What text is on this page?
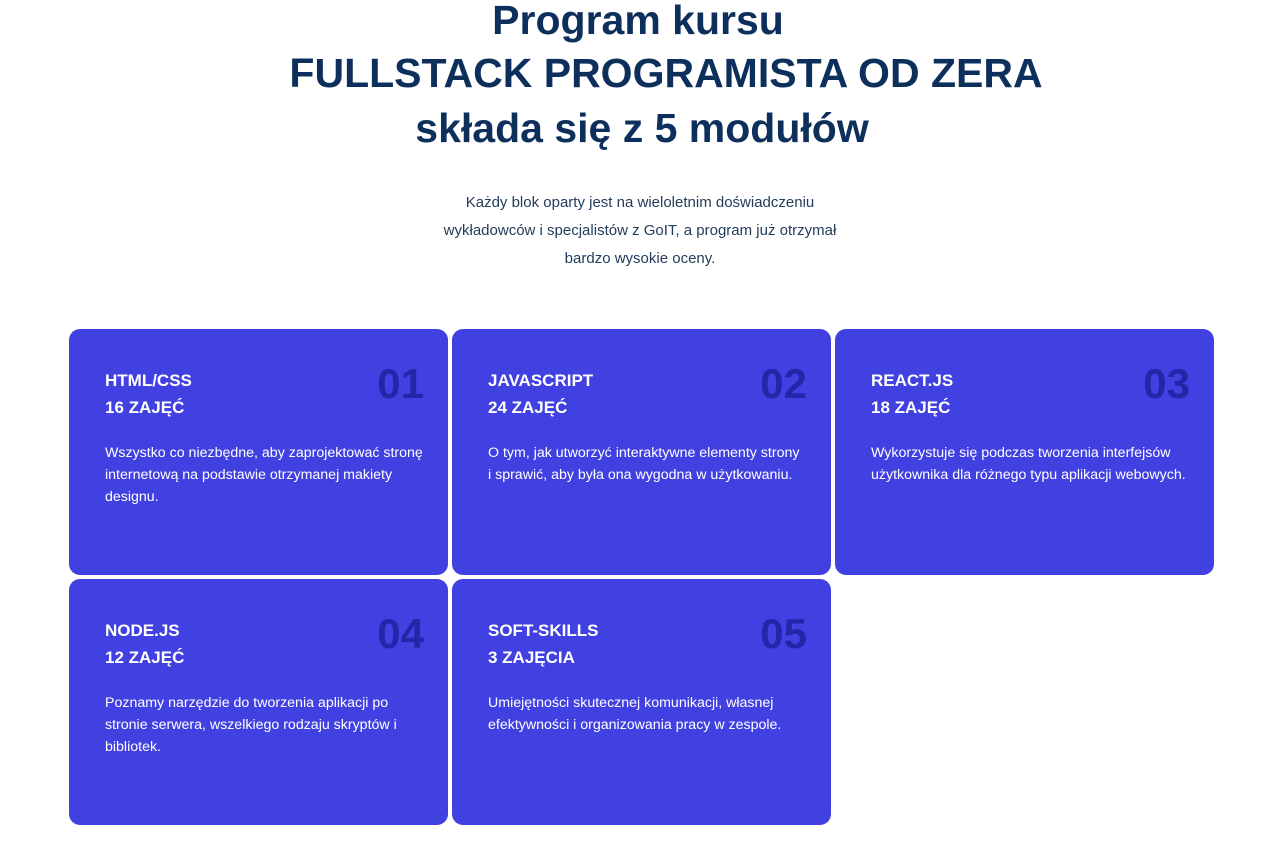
Program kursu
FULLSTACK PROGRAMISTA OD ZERA
składa się z 5 modułów

Każdy blok oparty jest na wieloletnim doświadczeniu
wykładowców i specjalistów z GoIT, a program już otrzymał
bardzo wysokie oceny.

HTML/CSS
16 ZAJĘĆ
01
Wszystko co niezbędne, aby zaprojektować stronę internetową na podstawie otrzymanej makiety designu.
JAVASCRIPT
24 ZAJĘĆ
02
O tym, jak utworzyć interaktywne elementy strony i sprawić, aby była ona wygodna w użytkowaniu.
REACT.JS
18 ZAJĘĆ
03
Wykorzystuje się podczas tworzenia interfejsów użytkownika dla różnego typu aplikacji webowych.
NODE.JS
12 ZAJĘĆ
04
Poznamy narzędzie do tworzenia aplikacji po stronie serwera, wszelkiego rodzaju skryptów i bibliotek.
SOFT-SKILLS
3 ZAJĘCIA
05
Umiejętności skutecznej komunikacji, własnej efektywności i organizowania pracy w zespole.
